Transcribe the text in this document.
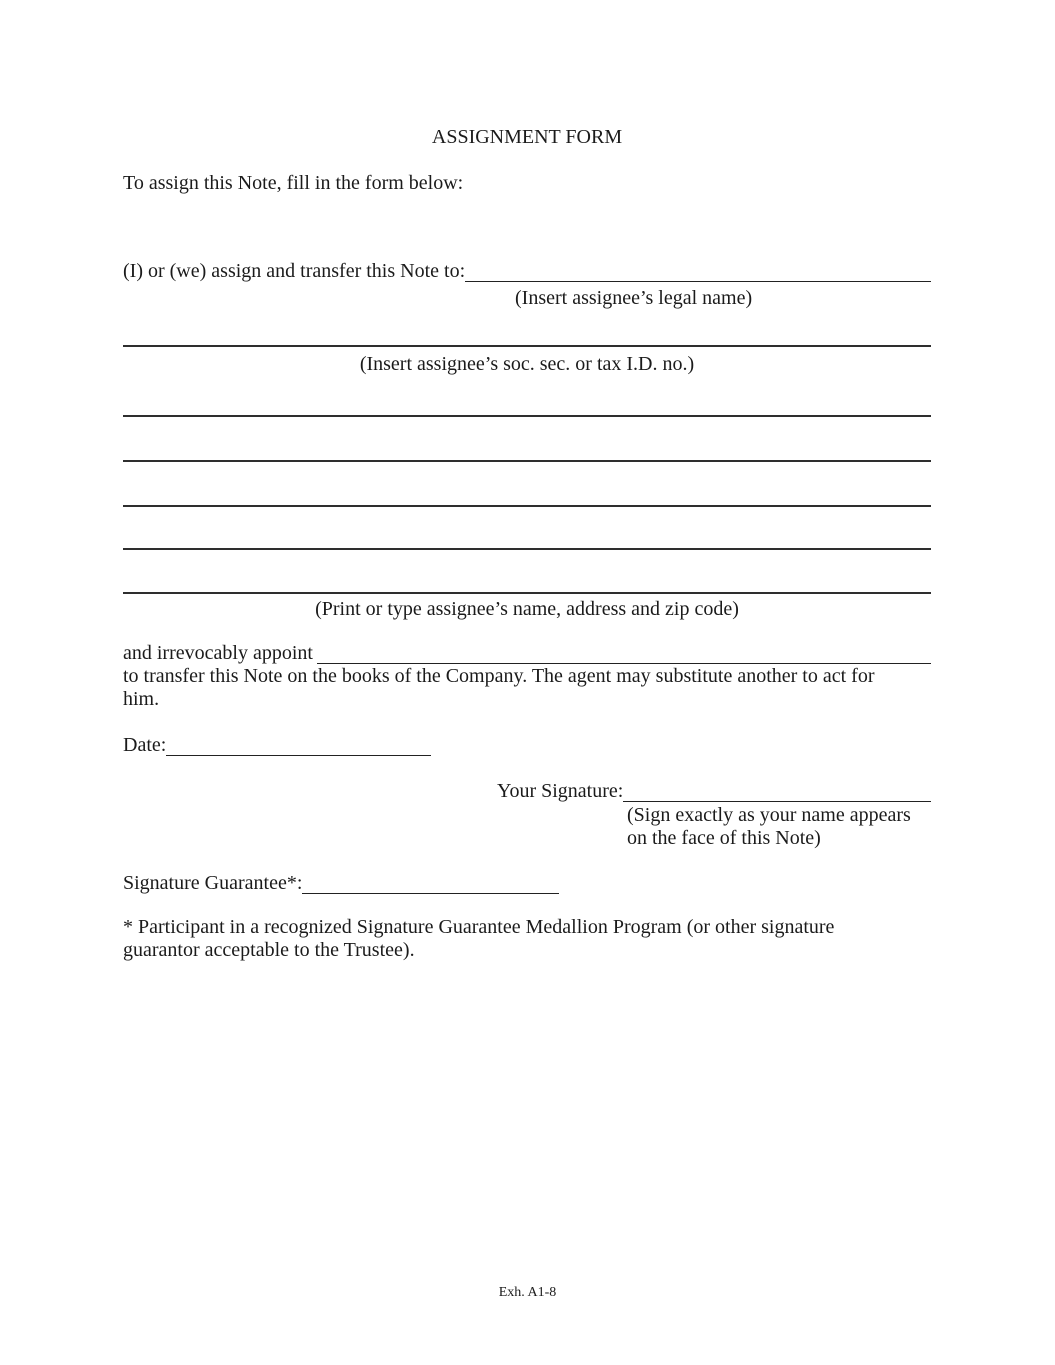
ASSIGNMENT FORM
To assign this Note, fill in the form below:
(I) or (we) assign and transfer this Note to:
(Insert assignee’s legal name)
(Insert assignee’s soc. sec. or tax I.D. no.)
(Print or type assignee’s name, address and zip code)
and irrevocably appoint
to transfer this Note on the books of the Company. The agent may substitute another to act for
him.
Date:
Your Signature:
(Sign exactly as your name appears
on the face of this Note)
Signature Guarantee*:
* Participant in a recognized Signature Guarantee Medallion Program (or other signature
guarantor acceptable to the Trustee).
Exh. A1-8
